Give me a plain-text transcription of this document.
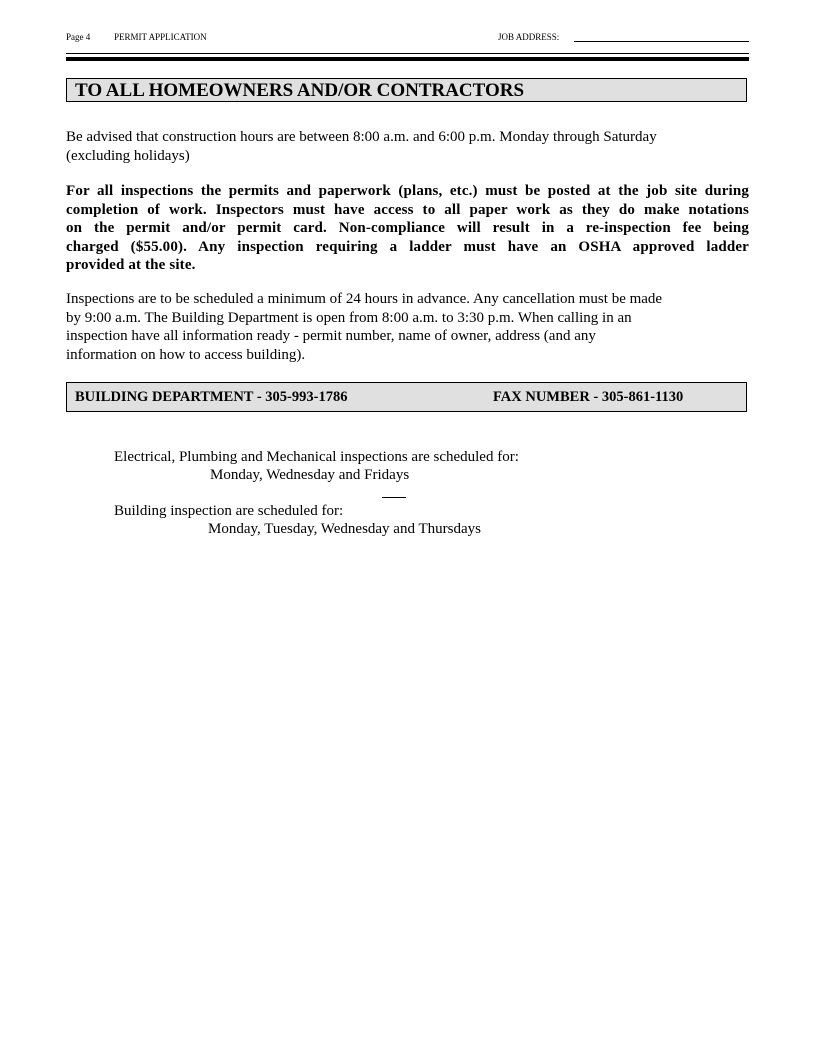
Page 4	PERMIT APPLICATION	JOB ADDRESS:
TO ALL HOMEOWNERS AND/OR CONTRACTORS
Be advised that construction hours are between 8:00 a.m. and 6:00 p.m. Monday through Saturday
(excluding holidays)
For all inspections the permits and paperwork (plans, etc.) must be posted at the job site during
completion of work. Inspectors must have access to all paper work as they do make notations
on the permit and/or permit card. Non-compliance will result in a re-inspection fee being
charged ($55.00). Any inspection requiring a ladder must have an OSHA approved ladder
provided at the site.
Inspections are to be scheduled a minimum of 24 hours in advance. Any cancellation must be made
by 9:00 a.m. The Building Department is open from 8:00 a.m. to 3:30 p.m. When calling in an
inspection have all information ready - permit number, name of owner, address (and any
information on how to access building).
BUILDING DEPARTMENT - 305-993-1786	FAX NUMBER - 305-861-1130
Electrical, Plumbing and Mechanical inspections are scheduled for:
Monday, Wednesday and Fridays
Building inspection are scheduled for:
Monday, Tuesday, Wednesday and Thursdays
